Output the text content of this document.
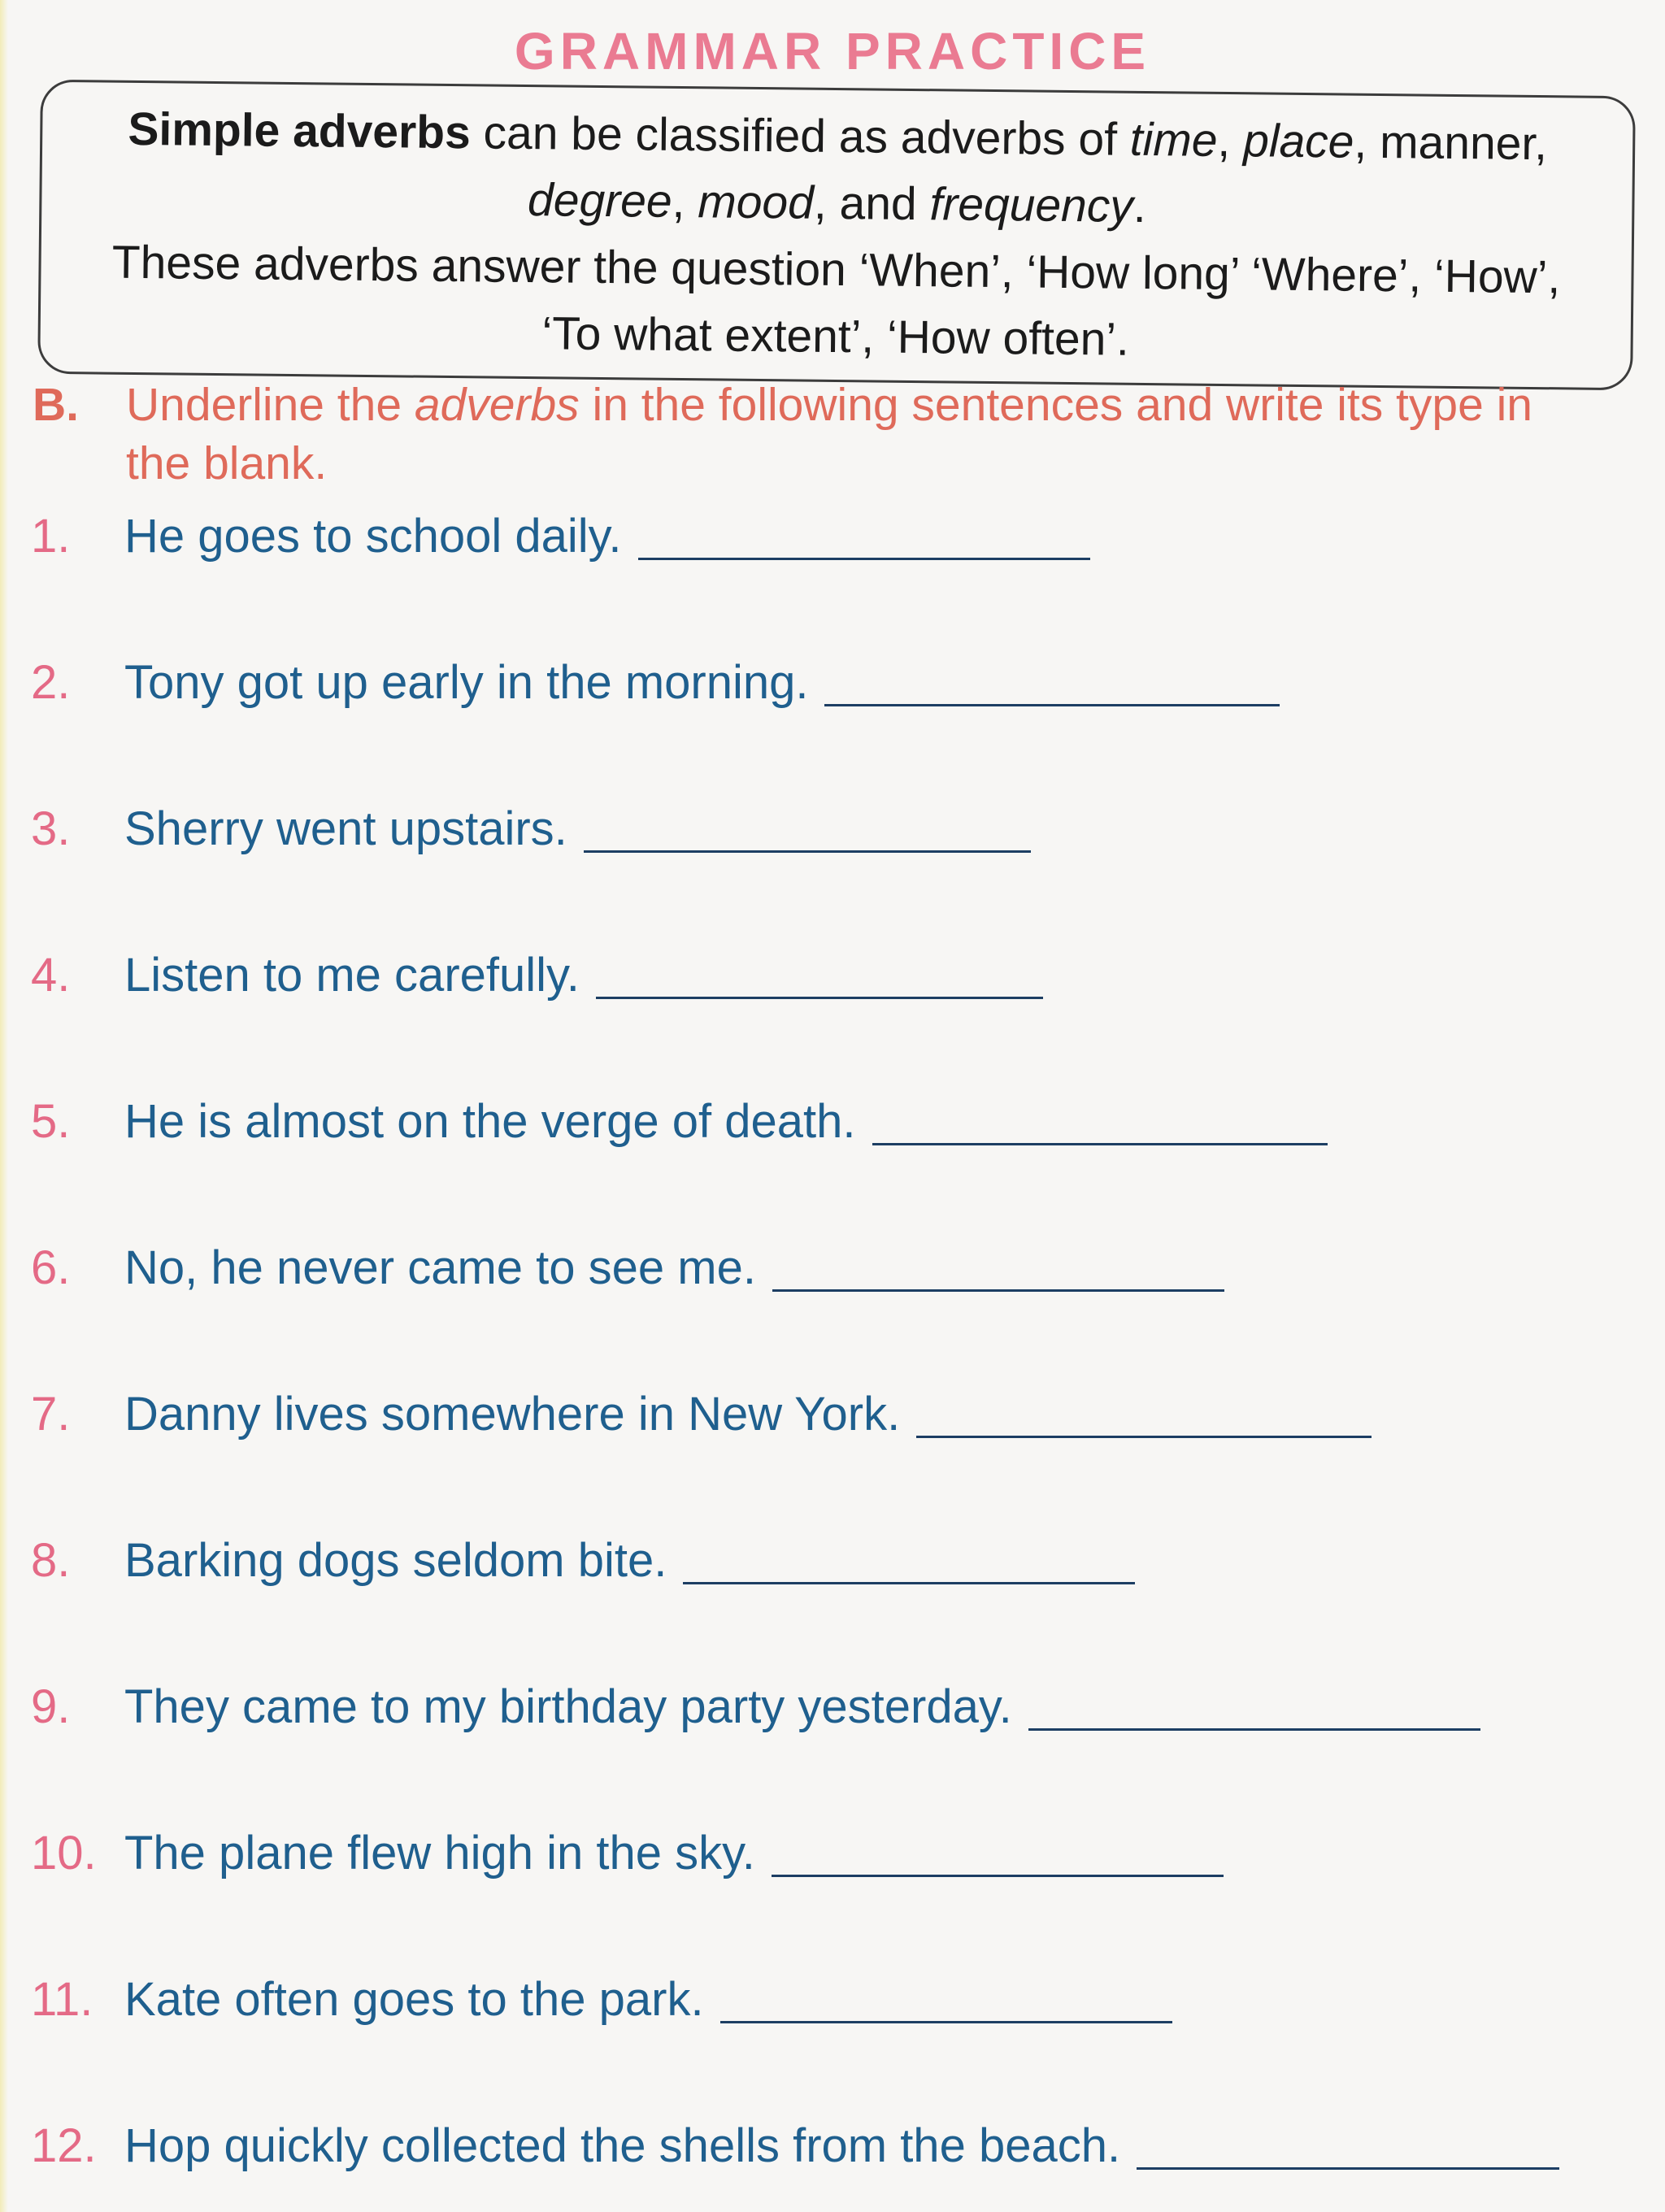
GRAMMAR PRACTICE

Simple adverbs can be classified as adverbs of time, place, manner,

degree, mood, and frequency.

These adverbs answer the question ‘When’, ‘How long’ ‘Where’, ‘How’,

‘To what extent’, ‘How often’.

B. Underline the adverbs in the following sentences and write its type in
the blank.
1.	He goes to school daily.
2.	Tony got up early in the morning.
3.	Sherry went upstairs.
4.	Listen to me carefully.
5.	He is almost on the verge of death.
6.	No, he never came to see me.
7.	Danny lives somewhere in New York.
8.	Barking dogs seldom bite.
9.	They came to my birthday party yesterday.
10. The plane flew high in the sky.
11. Kate often goes to the park.
12. Hop quickly collected the shells from the beach.
